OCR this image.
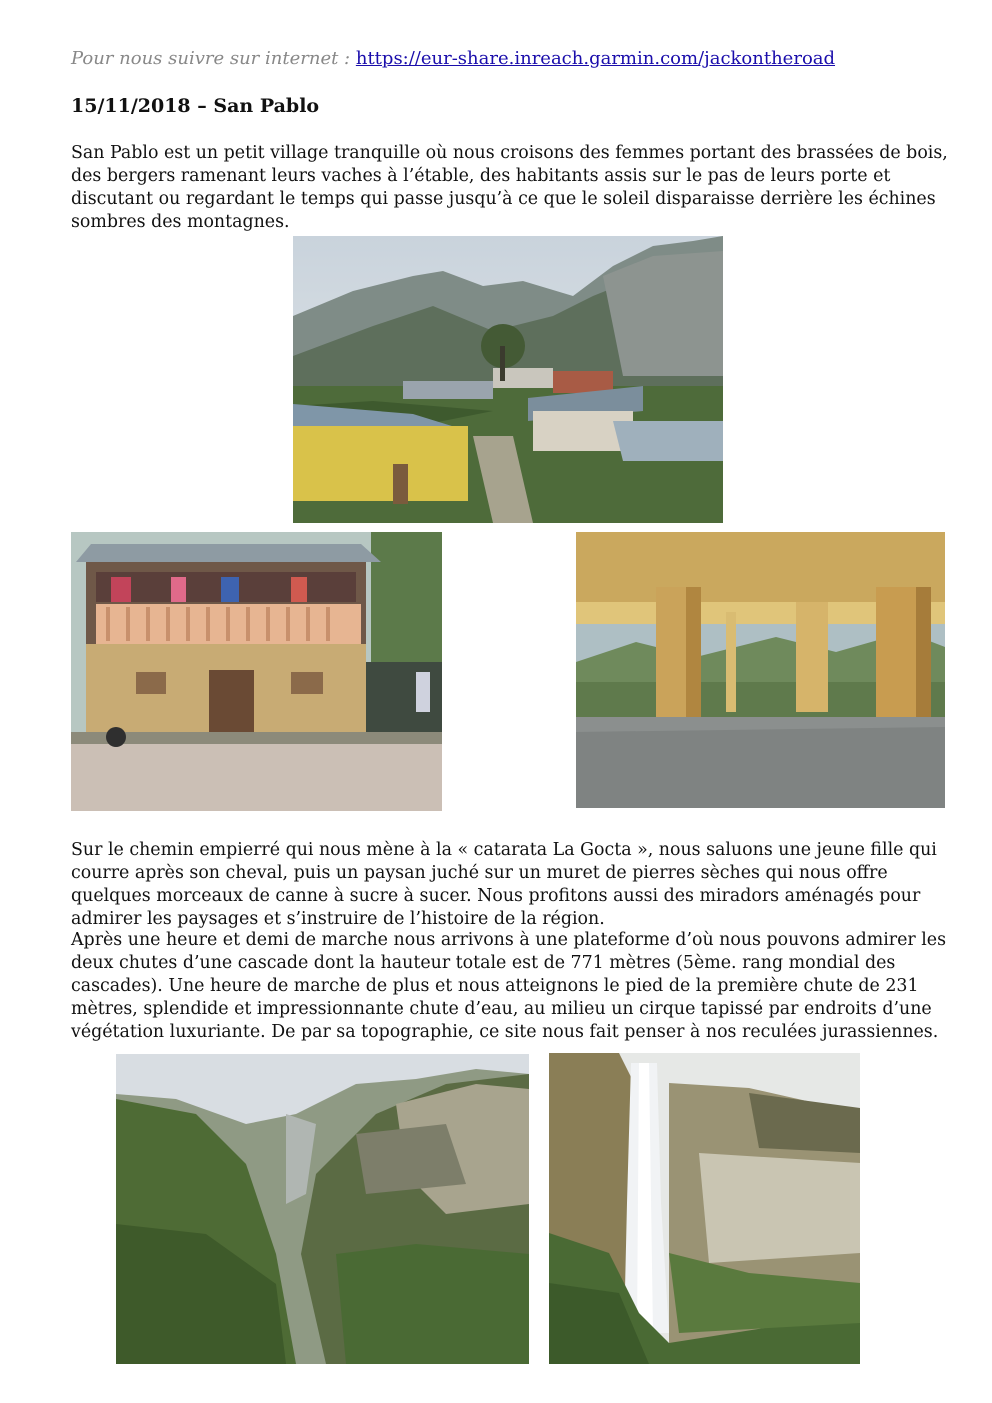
Pour nous suivre sur internet : https://eur-share.inreach.garmin.com/jackontheroad
15/11/2018 – San Pablo

San Pablo est un petit village tranquille où nous croisons des femmes portant des brassées de bois, des bergers ramenant leurs vaches à l’étable, des habitants assis sur le pas de leurs porte et discutant ou regardant le temps qui passe jusqu’à ce que le soleil disparaisse derrière les échines sombres des montagnes.

Sur le chemin empierré qui nous mène à la « catarata La Gocta », nous saluons une jeune fille qui courre après son cheval, puis un paysan juché sur un muret de pierres sèches qui nous offre quelques morceaux de canne à sucre à sucer. Nous profitons aussi des miradors aménagés pour admirer les paysages et s’instruire de l’histoire de la région.

Après une heure et demi de marche nous arrivons à une plateforme d’où nous pouvons admirer les deux chutes d’une cascade dont la hauteur totale est de 771 mètres (5ème. rang mondial des cascades). Une heure de marche de plus et nous atteignons le pied de la première chute de 231 mètres, splendide et impressionnante chute d’eau, au milieu un cirque tapissé par endroits d’une végétation luxuriante. De par sa topographie, ce site nous fait penser à nos reculées jurassiennes.
